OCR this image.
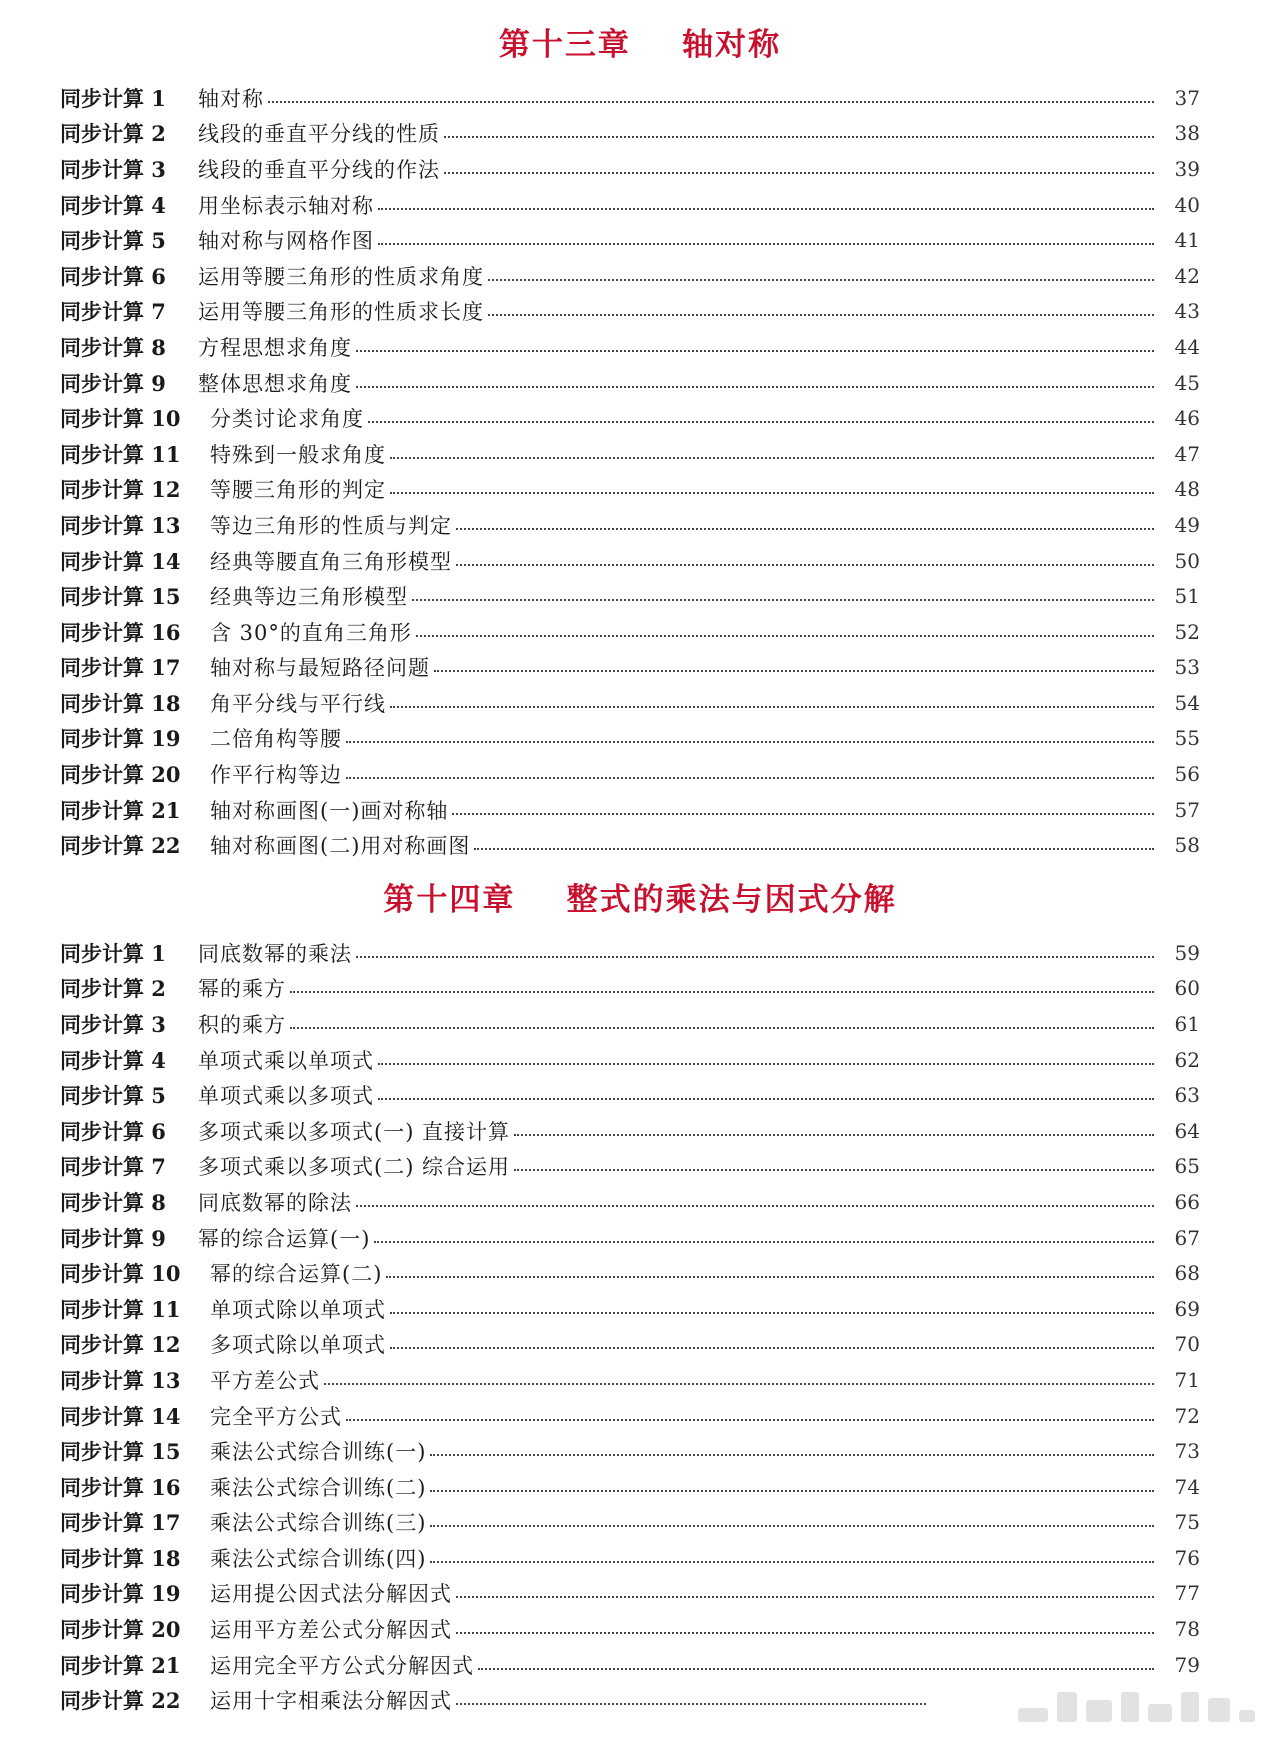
第十三章    轴对称
同步计算 1	轴对称	37
同步计算 2	线段的垂直平分线的性质	38
同步计算 3	线段的垂直平分线的作法	39
同步计算 4	用坐标表示轴对称	40
同步计算 5	轴对称与网格作图	41
同步计算 6	运用等腰三角形的性质求角度	42
同步计算 7	运用等腰三角形的性质求长度	43
同步计算 8	方程思想求角度	44
同步计算 9	整体思想求角度	45
同步计算 10	分类讨论求角度	46
同步计算 11	特殊到一般求角度	47
同步计算 12	等腰三角形的判定	48
同步计算 13	等边三角形的性质与判定	49
同步计算 14	经典等腰直角三角形模型	50
同步计算 15	经典等边三角形模型	51
同步计算 16	含 30°的直角三角形	52
同步计算 17	轴对称与最短路径问题	53
同步计算 18	角平分线与平行线	54
同步计算 19	二倍角构等腰	55
同步计算 20	作平行构等边	56
同步计算 21	轴对称画图(一)画对称轴	57
同步计算 22	轴对称画图(二)用对称画图	58
第十四章    整式的乘法与因式分解
同步计算 1	同底数幂的乘法	59
同步计算 2	幂的乘方	60
同步计算 3	积的乘方	61
同步计算 4	单项式乘以单项式	62
同步计算 5	单项式乘以多项式	63
同步计算 6	多项式乘以多项式(一) 直接计算	64
同步计算 7	多项式乘以多项式(二) 综合运用	65
同步计算 8	同底数幂的除法	66
同步计算 9	幂的综合运算(一)	67
同步计算 10	幂的综合运算(二)	68
同步计算 11	单项式除以单项式	69
同步计算 12	多项式除以单项式	70
同步计算 13	平方差公式	71
同步计算 14	完全平方公式	72
同步计算 15	乘法公式综合训练(一)	73
同步计算 16	乘法公式综合训练(二)	74
同步计算 17	乘法公式综合训练(三)	75
同步计算 18	乘法公式综合训练(四)	76
同步计算 19	运用提公因式法分解因式	77
同步计算 20	运用平方差公式分解因式	78
同步计算 21	运用完全平方公式分解因式	79
同步计算 22	运用十字相乘法分解因式
